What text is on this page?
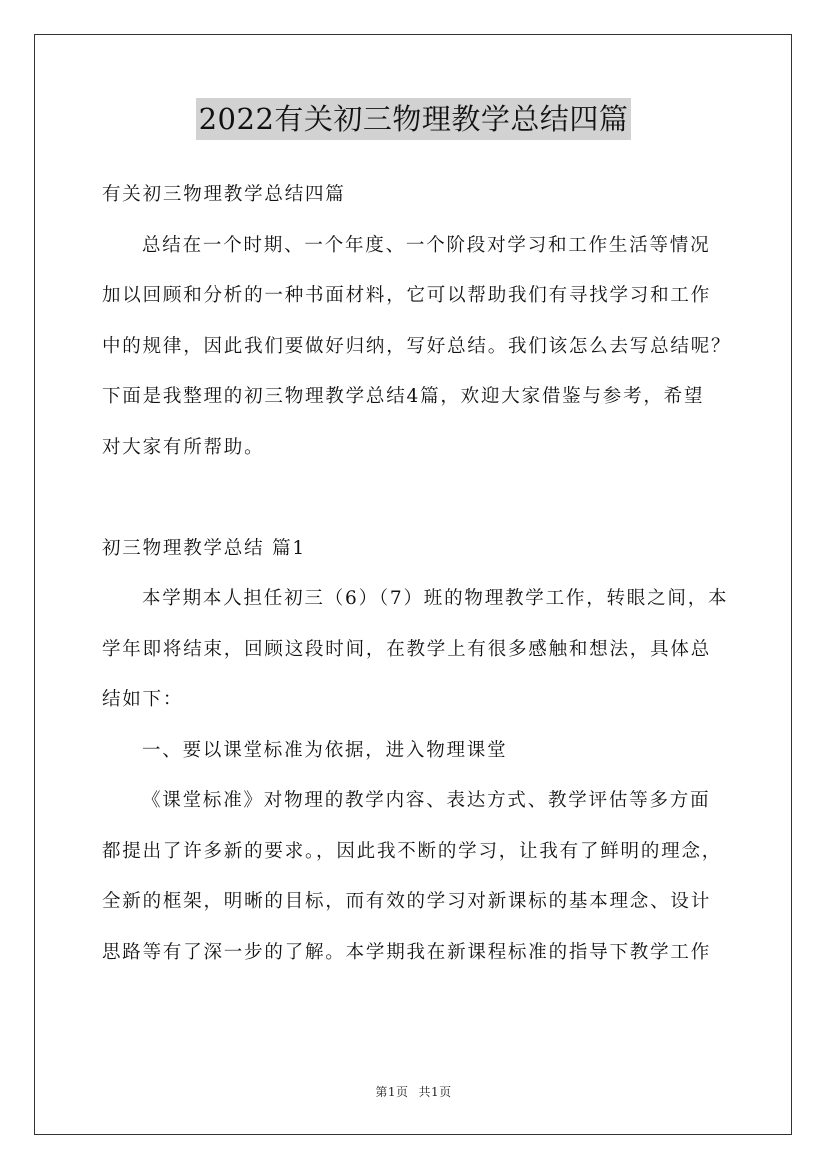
2022有关初三物理教学总结四篇
有关初三物理教学总结四篇
总结在一个时期、一个年度、一个阶段对学习和工作生活等情况
加以回顾和分析的一种书面材料，它可以帮助我们有寻找学习和工作
中的规律，因此我们要做好归纳，写好总结。我们该怎么去写总结呢？
下面是我整理的初三物理教学总结4篇，欢迎大家借鉴与参考，希望
对大家有所帮助。
初三物理教学总结 篇1
本学期本人担任初三（6）（7）班的物理教学工作，转眼之间，本
学年即将结束，回顾这段时间，在教学上有很多感触和想法，具体总
结如下：
一、要以课堂标准为依据，进入物理课堂
《课堂标准》对物理的教学内容、表达方式、教学评估等多方面
都提出了许多新的要求。，因此我不断的学习，让我有了鲜明的理念，
全新的框架，明晰的目标，而有效的学习对新课标的基本理念、设计
思路等有了深一步的了解。本学期我在新课程标准的指导下教学工作
第1页 共1页
